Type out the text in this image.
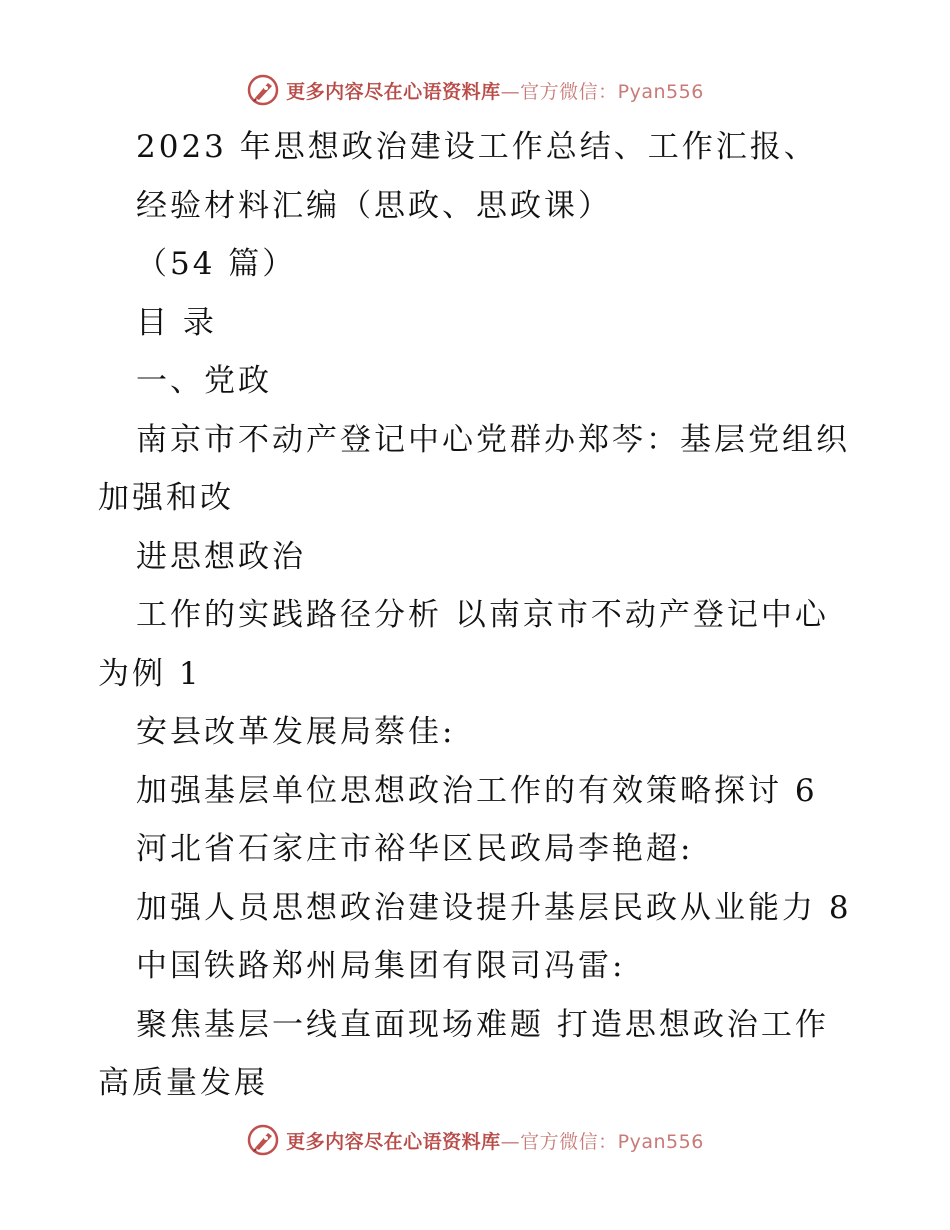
更多内容尽在心语资料库—官方微信：Pyan556
2023 年思想政治建设工作总结、工作汇报、
经验材料汇编（思政、思政课）
（54 篇）
目 录
一、党政
南京市不动产登记中心党群办郑芩：基层党组织
加强和改
进思想政治
工作的实践路径分析 以南京市不动产登记中心
为例 1
安县改革发展局蔡佳:
加强基层单位思想政治工作的有效策略探讨 6
河北省石家庄市裕华区民政局李艳超:
加强人员思想政治建设提升基层民政从业能力 8
中国铁路郑州局集团有限司冯雷:
聚焦基层一线直面现场难题 打造思想政治工作
高质量发展
更多内容尽在心语资料库—官方微信：Pyan556
